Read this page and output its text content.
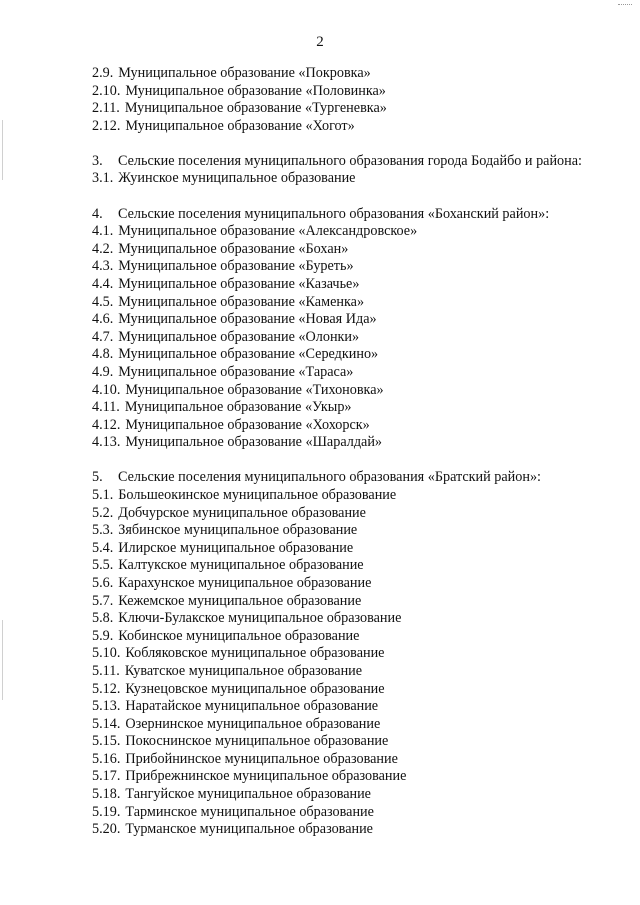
2
2.9. Муниципальное образование «Покровка»
2.10. Муниципальное образование «Половинка»
2.11. Муниципальное образование «Тургеневка»
2.12. Муниципальное образование «Хогот»
3.	Сельские поселения муниципального образования города Бодайбо и района:
3.1. Жуинское муниципальное образование
4.	Сельские поселения муниципального образования «Боханский район»:
4.1. Муниципальное образование «Александровское»
4.2. Муниципальное образование «Бохан»
4.3. Муниципальное образование «Буреть»
4.4. Муниципальное образование «Казачье»
4.5. Муниципальное образование «Каменка»
4.6. Муниципальное образование «Новая Ида»
4.7. Муниципальное образование «Олонки»
4.8. Муниципальное образование «Середкино»
4.9. Муниципальное образование «Тараса»
4.10. Муниципальное образование «Тихоновка»
4.11. Муниципальное образование «Укыр»
4.12. Муниципальное образование «Хохорск»
4.13. Муниципальное образование «Шаралдай»
5.	Сельские поселения муниципального образования «Братский район»:
5.1. Большеокинское муниципальное образование
5.2. Добчурское муниципальное образование
5.3. Зябинское муниципальное образование
5.4. Илирское муниципальное образование
5.5. Калтукское муниципальное образование
5.6. Карахунское муниципальное образование
5.7. Кежемское муниципальное образование
5.8. Ключи-Булакское муниципальное образование
5.9. Кобинское муниципальное образование
5.10. Кобляковское муниципальное образование
5.11. Куватское муниципальное образование
5.12. Кузнецовское муниципальное образование
5.13. Наратайское муниципальное образование
5.14. Озернинское муниципальное образование
5.15. Покоснинское муниципальное образование
5.16. Прибойнинское муниципальное образование
5.17. Прибрежнинское муниципальное образование
5.18. Тангуйское муниципальное образование
5.19. Тарминское муниципальное образование
5.20. Турманское муниципальное образование
